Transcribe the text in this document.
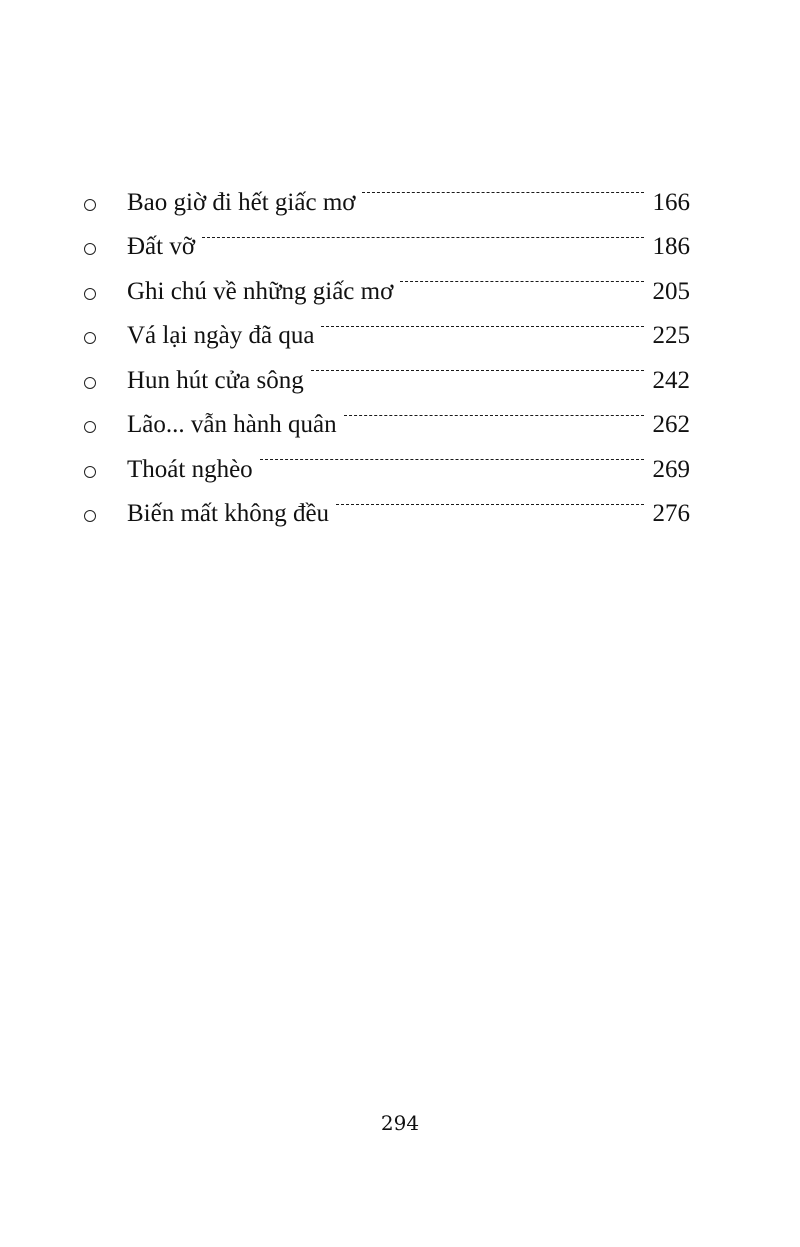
Bao giờ đi hết giấc mơ	166
Đất vỡ	186
Ghi chú về những giấc mơ	205
Vá lại ngày đã qua	225
Hun hút cửa sông	242
Lão... vẫn hành quân	262
Thoát nghèo	269
Biến mất không đều	276
294
